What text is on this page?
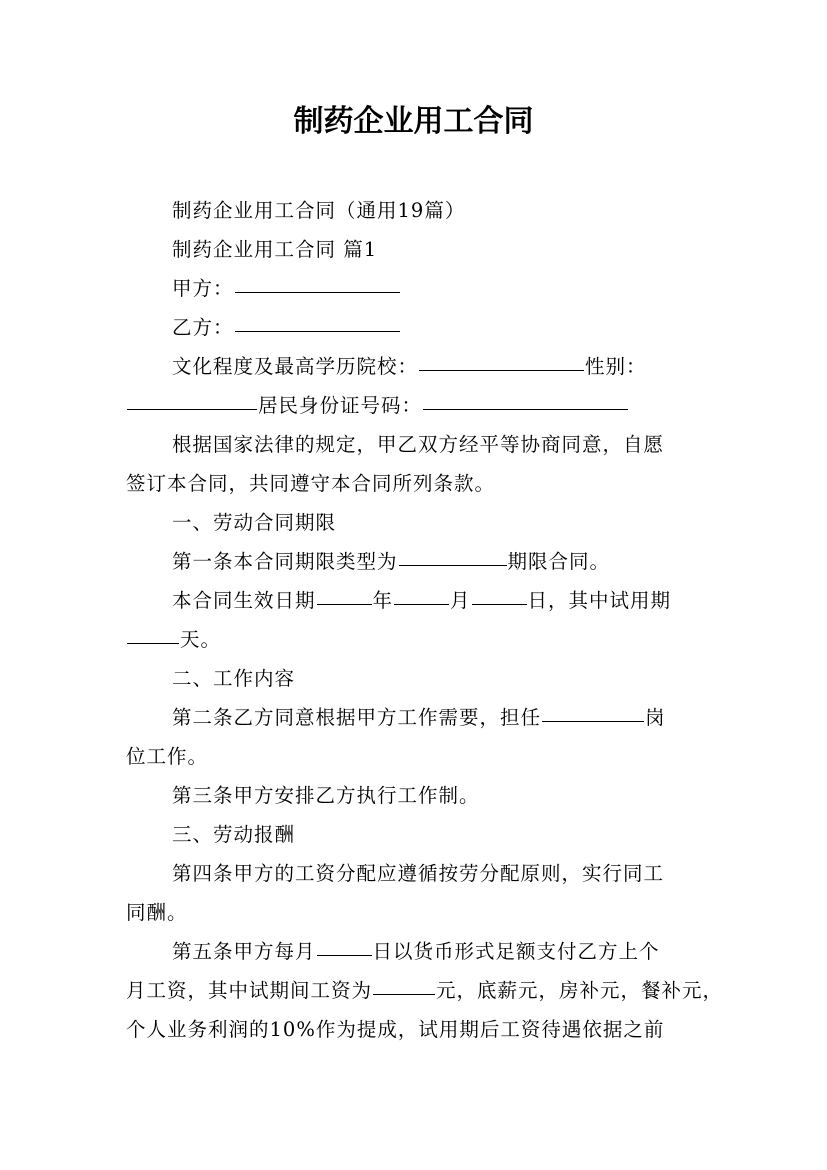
制药企业用工合同
制药企业用工合同（通用19篇）
制药企业用工合同 篇1
甲方：
乙方：
文化程度及最高学历院校：	性别：
居民身份证号码：
根据国家法律的规定，甲乙双方经平等协商同意，自愿
签订本合同，共同遵守本合同所列条款。
一、劳动合同期限
第一条本合同期限类型为	期限合同。
本合同生效日期	年	月	日，其中试用期
天。
二、工作内容
第二条乙方同意根据甲方工作需要，担任	岗
位工作。
第三条甲方安排乙方执行工作制。
三、劳动报酬
第四条甲方的工资分配应遵循按劳分配原则，实行同工
同酬。
第五条甲方每月	日以货币形式足额支付乙方上个
月工资，其中试期间工资为	元，底薪元，房补元，餐补元，
个人业务利润的10%作为提成，试用期后工资待遇依据之前
